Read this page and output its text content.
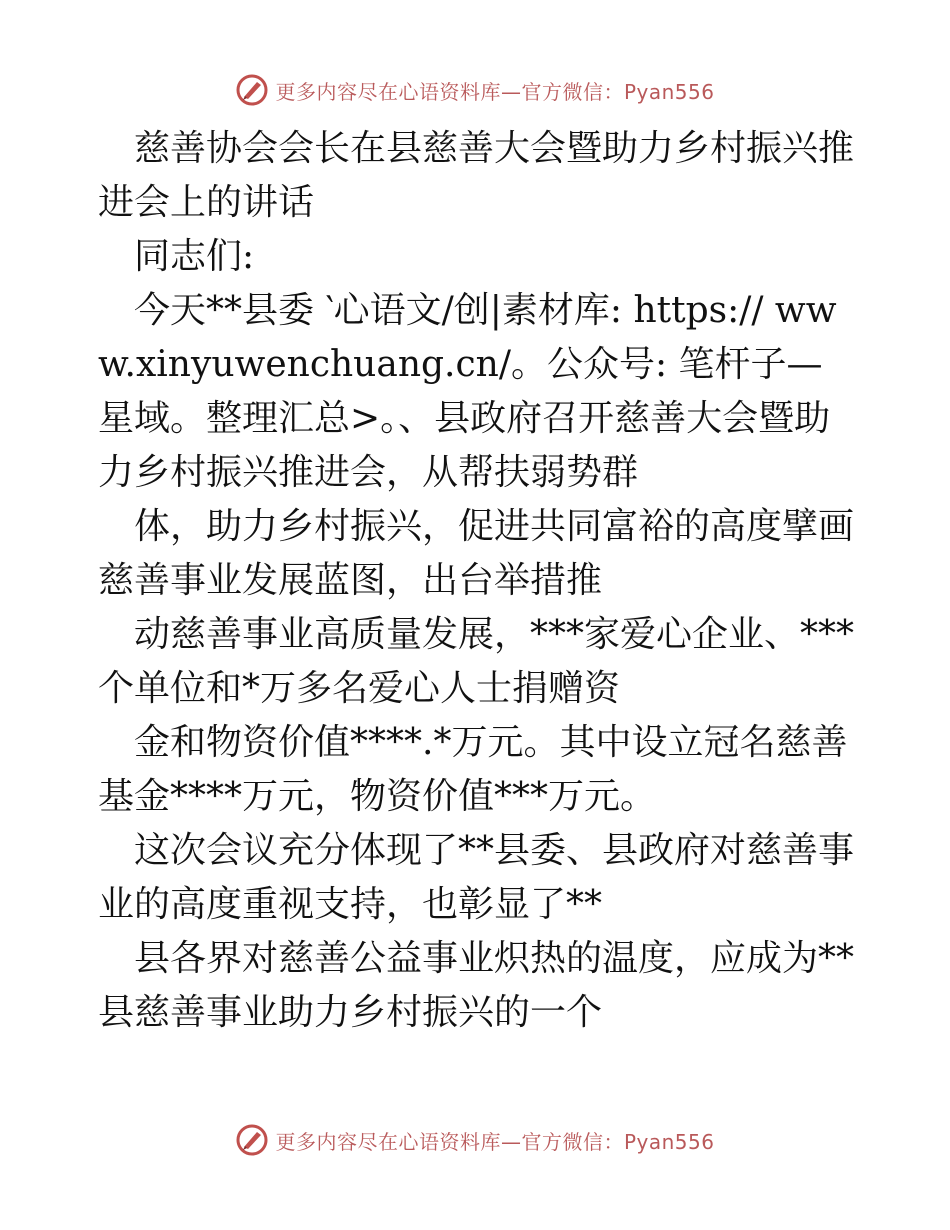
更多内容尽在心语资料库—官方微信：Pyan556

慈善协会会长在县慈善大会暨助力乡村振兴推进会上的讲话

同志们:

今天**县委 ‵心语文/创|素材库: https:// www.xinyuwenchuang.cn/。公众号: 笔杆子—星域。整理汇总>。、县政府召开慈善大会暨助力乡村振兴推进会，从帮扶弱势群

体，助力乡村振兴，促进共同富裕的高度擘画慈善事业发展蓝图，出台举措推

动慈善事业高质量发展，***家爱心企业、***个单位和*万多名爱心人士捐赠资

金和物资价值****.*万元。其中设立冠名慈善基金****万元，物资价值***万元。

这次会议充分体现了**县委、县政府对慈善事业的高度重视支持，也彰显了**

县各界对慈善公益事业炽热的温度，应成为**县慈善事业助力乡村振兴的一个

更多内容尽在心语资料库—官方微信：Pyan556
